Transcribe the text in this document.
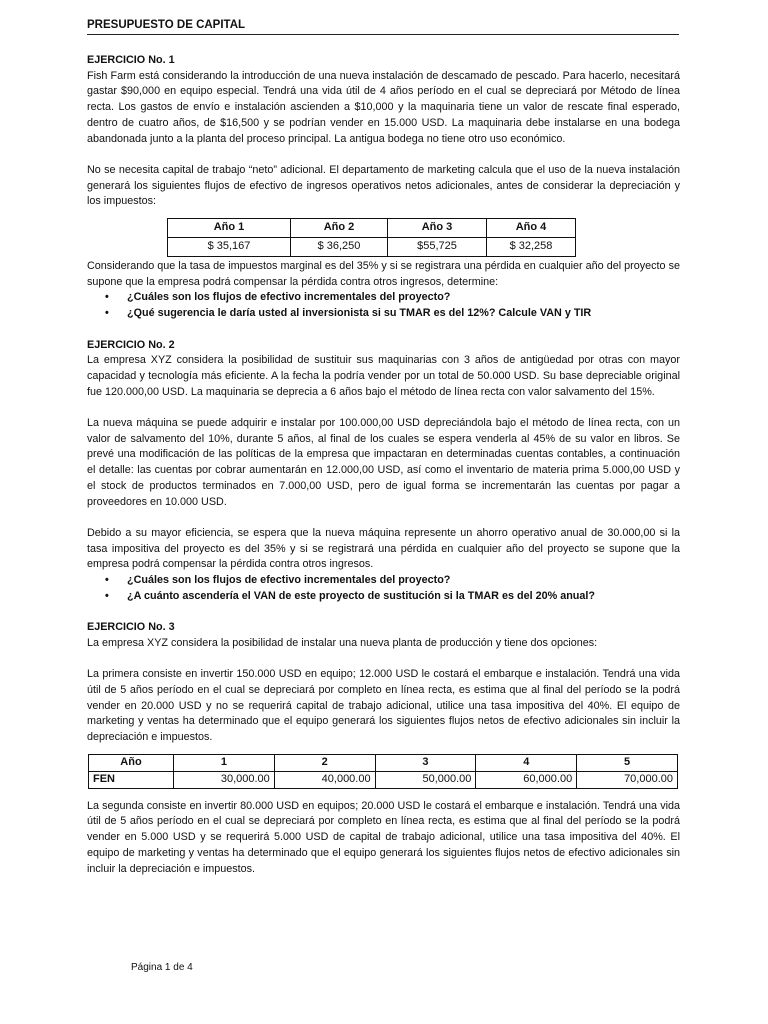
PRESUPUESTO DE CAPITAL
EJERCICIO No. 1

Fish Farm está considerando la introducción de una nueva instalación de descamado de pescado. Para hacerlo, necesitará gastar $90,000 en equipo especial. Tendrá una vida útil de 4 años período en el cual se depreciará por Método de línea recta. Los gastos de envío e instalación ascienden a $10,000 y la maquinaria tiene un valor de rescate final esperado, dentro de cuatro años, de $16,500 y se podrían vender en 15.000 USD. La maquinaria debe instalarse en una bodega abandonada junto a la planta del proceso principal. La antigua bodega no tiene otro uso económico.

No se necesita capital de trabajo “neto” adicional. El departamento de marketing calcula que el uso de la nueva instalación generará los siguientes flujos de efectivo de ingresos operativos netos adicionales, antes de considerar la depreciación y los impuestos:

Año 1	Año 2	Año 3	Año 4
$ 35,167	$ 36,250	$55,725	$ 32,258

Considerando que la tasa de impuestos marginal es del 35% y si se registrara una pérdida en cualquier año del proyecto se supone que la empresa podrá compensar la pérdida contra otros ingresos, determine:

• ¿Cuáles son los flujos de efectivo incrementales del proyecto?
• ¿Qué sugerencia le daría usted al inversionista si su TMAR es del 12%? Calcule VAN y TIR
EJERCICIO No. 2

La empresa XYZ considera la posibilidad de sustituir sus maquinarias con 3 años de antigüedad por otras con mayor capacidad y tecnología más eficiente. A la fecha la podría vender por un total de 50.000 USD. Su base depreciable original fue 120.000,00 USD. La maquinaria se deprecia a 6 años bajo el método de línea recta con valor salvamento del 15%.

La nueva máquina se puede adquirir e instalar por 100.000,00 USD depreciándola bajo el método de línea recta, con un valor de salvamento del 10%, durante 5 años, al final de los cuales se espera venderla al 45% de su valor en libros. Se prevé una modificación de las políticas de la empresa que impactaran en determinadas cuentas contables, a continuación el detalle: las cuentas por cobrar aumentarán en 12.000,00 USD, así como el inventario de materia prima 5.000,00 USD y el stock de productos terminados en 7.000,00 USD, pero de igual forma se incrementarán las cuentas por pagar a proveedores en 10.000 USD.

Debido a su mayor eficiencia, se espera que la nueva máquina represente un ahorro operativo anual de 30.000,00 si la tasa impositiva del proyecto es del 35% y si se registrará una pérdida en cualquier año del proyecto se supone que la empresa podrá compensar la pérdida contra otros ingresos.

• ¿Cuáles son los flujos de efectivo incrementales del proyecto?
• ¿A cuánto ascendería el VAN de este proyecto de sustitución si la TMAR es del 20% anual?
EJERCICIO No. 3

La empresa XYZ considera la posibilidad de instalar una nueva planta de producción y tiene dos opciones:

La primera consiste en invertir 150.000 USD en equipo; 12.000 USD le costará el embarque e instalación. Tendrá una vida útil de 5 años período en el cual se depreciará por completo en línea recta, es estima que al final del período se la podrá vender en 20.000 USD y no se requerirá capital de trabajo adicional, utilice una tasa impositiva del 40%. El equipo de marketing y ventas ha determinado que el equipo generará los siguientes flujos netos de efectivo adicionales sin incluir la depreciación e impuestos.

Año	1	2	3	4	5
FEN	30,000.00	40,000.00	50,000.00	60,000.00	70,000.00

La segunda consiste en invertir 80.000 USD en equipos; 20.000 USD le costará el embarque e instalación. Tendrá una vida útil de 5 años período en el cual se depreciará por completo en línea recta, es estima que al final del período se la podrá vender en 5.000 USD y se requerirá 5.000 USD de capital de trabajo adicional, utilice una tasa impositiva del 40%. El equipo de marketing y ventas ha determinado que el equipo generará los siguientes flujos netos de efectivo adicionales sin incluir la depreciación e impuestos.

Página 1 de 4
